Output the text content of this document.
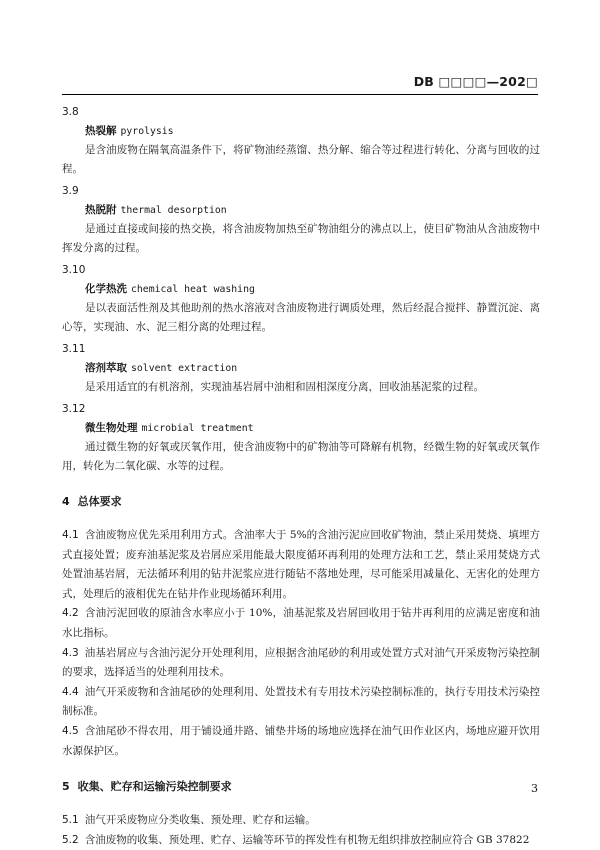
DB □□□□—202□
3.8
热裂解 pyrolysis
是含油废物在隔氧高温条件下，将矿物油经蒸馏、热分解、缩合等过程进行转化、分离与回收的过程。
3.9
热脱附 thermal desorption
是通过直接或间接的热交换，将含油废物加热至矿物油组分的沸点以上，使目矿物油从含油废物中挥发分离的过程。
3.10
化学热洗 chemical heat washing
是以表面活性剂及其他助剂的热水溶液对含油废物进行调质处理，然后经混合搅拌、静置沉淀、离心等，实现油、水、泥三相分离的处理过程。
3.11
溶剂萃取 solvent extraction
是采用适宜的有机溶剂，实现油基岩屑中油相和固相深度分离，回收油基泥浆的过程。
3.12
微生物处理 microbial treatment
通过微生物的好氧或厌氧作用，使含油废物中的矿物油等可降解有机物，经微生物的好氧或厌氧作用，转化为二氧化碳、水等的过程。
4 总体要求
4.1 含油废物应优先采用利用方式。含油率大于 5%的含油污泥应回收矿物油，禁止采用焚烧、填埋方式直接处置；废弃油基泥浆及岩屑应采用能最大限度循环再利用的处理方法和工艺，禁止采用焚烧方式处置油基岩屑，无法循环利用的钻井泥浆应进行随钻不落地处理，尽可能采用减量化、无害化的处理方式，处理后的液相优先在钻井作业现场循环利用。
4.2 含油污泥回收的原油含水率应小于 10%，油基泥浆及岩屑回收用于钻井再利用的应满足密度和油水比指标。
4.3 油基岩屑应与含油污泥分开处理利用，应根据含油尾砂的利用或处置方式对油气开采废物污染控制的要求，选择适当的处理利用技术。
4.4 油气开采废物和含油尾砂的处理利用、处置技术有专用技术污染控制标准的，执行专用技术污染控制标准。
4.5 含油尾砂不得农用，用于铺设通井路、铺垫井场的场地应选择在油气田作业区内，场地应避开饮用水源保护区。
5 收集、贮存和运输污染控制要求
5.1 油气开采废物应分类收集、预处理、贮存和运输。
5.2 含油废物的收集、预处理、贮存、运输等环节的挥发性有机物无组织排放控制应符合 GB 37822
3
